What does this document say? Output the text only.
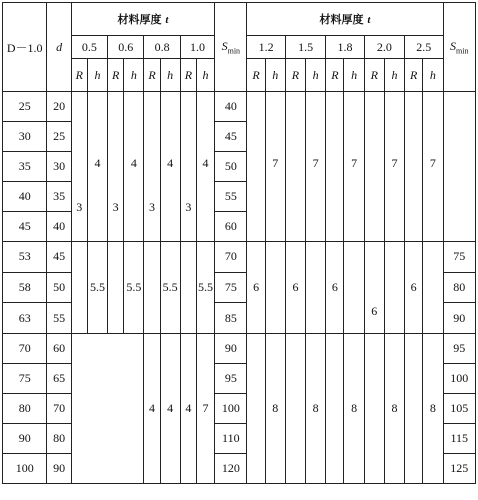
D－1.0	d	材料厚度 t								$S_{min}$	材料厚度 t										$S_{min}$
		0.5		0.6		0.8		1.0			1.2		1.5		1.8		2.0		2.5		
		R	h	R	h	R	h	R	h		R	h	R	h	R	h	R	h	R	h	
25	20	3	4	3	4	3	4	3	4	40		7		7		7		7		7	
30	25									45											
35	30									50											
40	35									55											
45	40									60											
53	45		5.5		5.5		5.5		5.5	70	6		6		6		6		6		75
58	50									75											80
63	55									85											90
70	60					4	4	4	7	90		8		8		8		8		8	95
75	65									95											100
80	70									100											105
90	80									110											115
100	90									120											125
